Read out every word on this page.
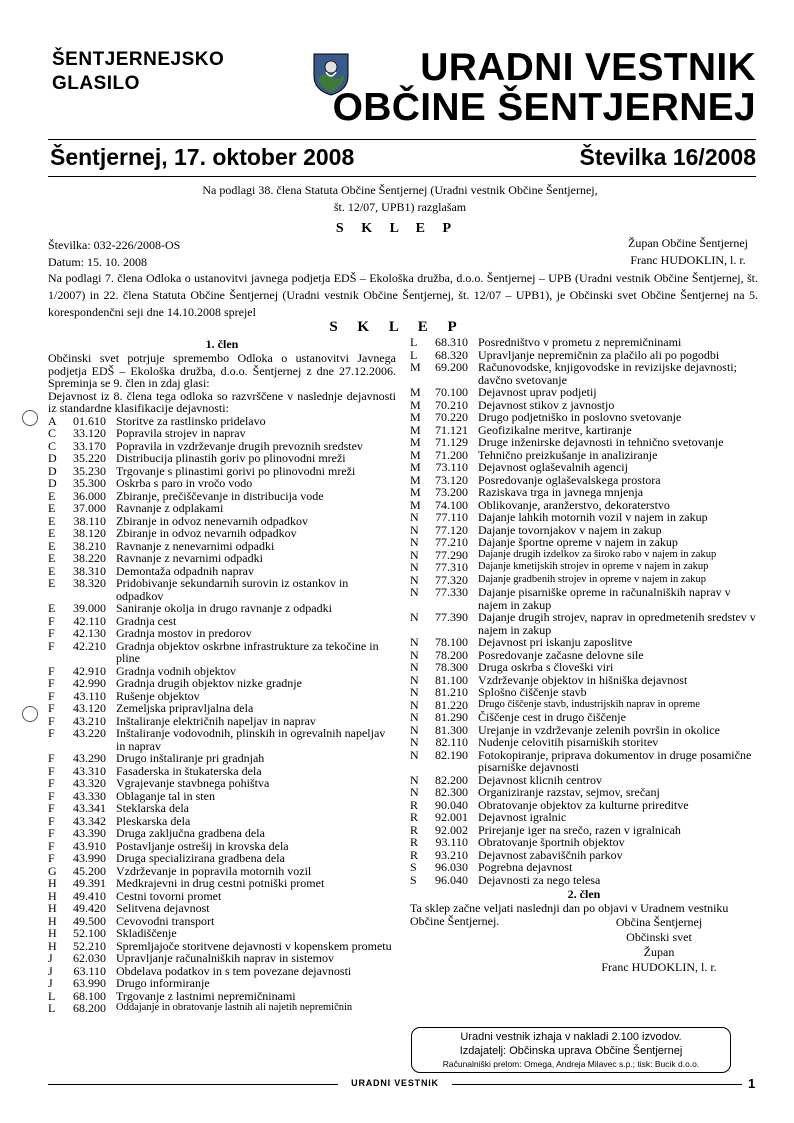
ŠENTJERNEJSKO
GLASILO	URADNI VESTNIK
OBČINE ŠENTJERNEJ
Šentjernej, 17. oktober 2008	Številka 16/2008
Na podlagi 38. člena Statuta Občine Šentjernej (Uradni vestnik Občine Šentjernej,
št. 12/07, UPB1) razglašam
S K L E P
Številka: 032-226/2008-OS
Datum: 15. 10. 2008
Župan Občine Šentjernej
Franc HUDOKLIN, l. r.
Na podlagi 7. člena Odloka o ustanovitvi javnega podjetja EDŠ – Ekološka družba, d.o.o. Šentjernej – UPB (Uradni vestnik Občine Šentjernej, št. 1/2007) in 22. člena Statuta Občine Šentjernej (Uradni vestnik Občine Šentjernej, št. 12/07 – UPB1), je Občinski svet Občine Šentjernej na 5. korespondenčni seji dne 14.10.2008 sprejel
S K L E P
1. člen
Občinski svet potrjuje spremembo Odloka o ustanovitvi Javnega podjetja EDŠ – Ekološka družba, d.o.o. Šentjernej z dne 27.12.2006. Spreminja se 9. člen in zdaj glasi:
Dejavnost iz 8. člena tega odloka so razvrščene v naslednje dejavnosti iz standardne klasifikacije dejavnosti:
A	01.610 Storitve za rastlinsko pridelavo
C	33.120 Popravila strojev in naprav
C	33.170 Popravila in vzdrževanje drugih prevoznih sredstev
D	35.220 Distribucija plinastih goriv po plinovodni mreži
D	35.230 Trgovanje s plinastimi gorivi po plinovodni mreži
D	35.300 Oskrba s paro in vročo vodo
E	36.000 Zbiranje, prečiščevanje in distribucija vode
E	37.000 Ravnanje z odplakami
E	38.110 Zbiranje in odvoz nenevarnih odpadkov
E	38.120 Zbiranje in odvoz nevarnih odpadkov
E	38.210 Ravnanje z nenevarnimi odpadki
E	38.220 Ravnanje z nevarnimi odpadki
E	38.310 Demontaža odpadnih naprav
E	38.320 Pridobivanje sekundarnih surovin iz ostankov in odpadkov
E	39.000 Saniranje okolja in drugo ravnanje z odpadki
F	42.110 Gradnja cest
F	42.130 Gradnja mostov in predorov
F	42.210 Gradnja objektov oskrbne infrastrukture za tekočine in pline
F	42.910 Gradnja vodnih objektov
F	42.990 Gradnja drugih objektov nizke gradnje
F	43.110 Rušenje objektov
F	43.120 Zemeljska pripravljalna dela
F	43.210 Inštaliranje električnih napeljav in naprav
F	43.220 Inštaliranje vodovodnih, plinskih in ogrevalnih napeljav in naprav
F	43.290 Drugo inštaliranje pri gradnjah
F	43.310 Fasaderska in štukaterska dela
F	43.320 Vgrajevanje stavbnega pohištva
F	43.330 Oblaganje tal in sten
F	43.341 Steklarska dela
F	43.342 Pleskarska dela
F	43.390 Druga zaključna gradbena dela
F	43.910 Postavljanje ostrešij in krovska dela
F	43.990 Druga specializirana gradbena dela
G	45.200 Vzdrževanje in popravila motornih vozil
H	49.391 Medkrajevni in drug cestni potniški promet
H	49.410 Cestni tovorni promet
H	49.420 Selitvena dejavnost
H	49.500 Cevovodni transport
H	52.100 Skladiščenje
H	52.210 Spremljajoče storitvene dejavnosti v kopenskem prometu
J	62.030 Upravljanje računalniških naprav in sistemov
J	63.110 Obdelava podatkov in s tem povezane dejavnosti
J	63.990 Drugo informiranje
L	68.100 Trgovanje z lastnimi nepremičninami
L	68.200 Oddajanje in obratovanje lastnih ali najetih nepremičnin
L	68.310 Posredništvo v prometu z nepremičninami
L	68.320 Upravljanje nepremičnin za plačilo ali po pogodbi
M	69.200 Računovodske, knjigovodske in revizijske dejavnosti; davčno svetovanje
M	70.100 Dejavnost uprav podjetij
M	70.210 Dejavnost stikov z javnostjo
M	70.220 Drugo podjetniško in poslovno svetovanje
M	71.121 Geofizikalne meritve, kartiranje
M	71.129 Druge inženirske dejavnosti in tehnično svetovanje
M	71.200 Tehnično preizkušanje in analiziranje
M	73.110 Dejavnost oglaševalnih agencij
M	73.120 Posredovanje oglaševalskega prostora
M	73.200 Raziskava trga in javnega mnjenja
M	74.100 Oblikovanje, aranžerstvo, dekoraterstvo
N	77.110 Dajanje lahkih motornih vozil v najem in zakup
N	77.120 Dajanje tovornjakov v najem in zakup
N	77.210 Dajanje športne opreme v najem in zakup
N	77.290 Dajanje drugih izdelkov za široko rabo v najem in zakup
N	77.310 Dajanje kmetijskih strojev in opreme v najem in zakup
N	77.320 Dajanje gradbenih strojev in opreme v najem in zakup
N	77.330 Dajanje pisarniške opreme in računalniških naprav v najem in zakup
N	77.390 Dajanje drugih strojev, naprav in opredmetenih sredstev v najem in zakup
N	78.100 Dejavnost pri iskanju zaposlitve
N	78.200 Posredovanje začasne delovne sile
N	78.300 Druga oskrba s človeški viri
N	81.100 Vzdrževanje objektov in hišniška dejavnost
N	81.210 Splošno čiščenje stavb
N	81.220 Drugo čiščenje stavb, industrijskih naprav in opreme
N	81.290 Čiščenje cest in drugo čiščenje
N	81.300 Urejanje in vzdrževanje zelenih površin in okolice
N	82.110 Nudenje celovitih pisarniških storitev
N	82.190 Fotokopiranje, priprava dokumentov in druge posamične pisarniške dejavnosti
N	82.200 Dejavnost klicnih centrov
N	82.300 Organiziranje razstav, sejmov, srečanj
R	90.040 Obratovanje objektov za kulturne prireditve
R	92.001 Dejavnost igralnic
R	92.002 Prirejanje iger na srečo, razen v igralnicah
R	93.110 Obratovanje športnih objektov
R	93.210 Dejavnost zabaviščnih parkov
S	96.030 Pogrebna dejavnost
S	96.040 Dejavnosti za nego telesa
2. člen
Ta sklep začne veljati naslednji dan po objavi v Uradnem vestniku Občine Šentjernej.	Občina Šentjernej
Občinski svet
Župan
Franc HUDOKLIN, l. r.
Uradni vestnik izhaja v nakladi 2.100 izvodov.
Izdajatelj: Občinska uprava Občine Šentjernej
Računalniški prelom: Omega, Andreja Milavec s.p.; tisk: Bucik d.o.o.
URADNI VESTNIK	1
